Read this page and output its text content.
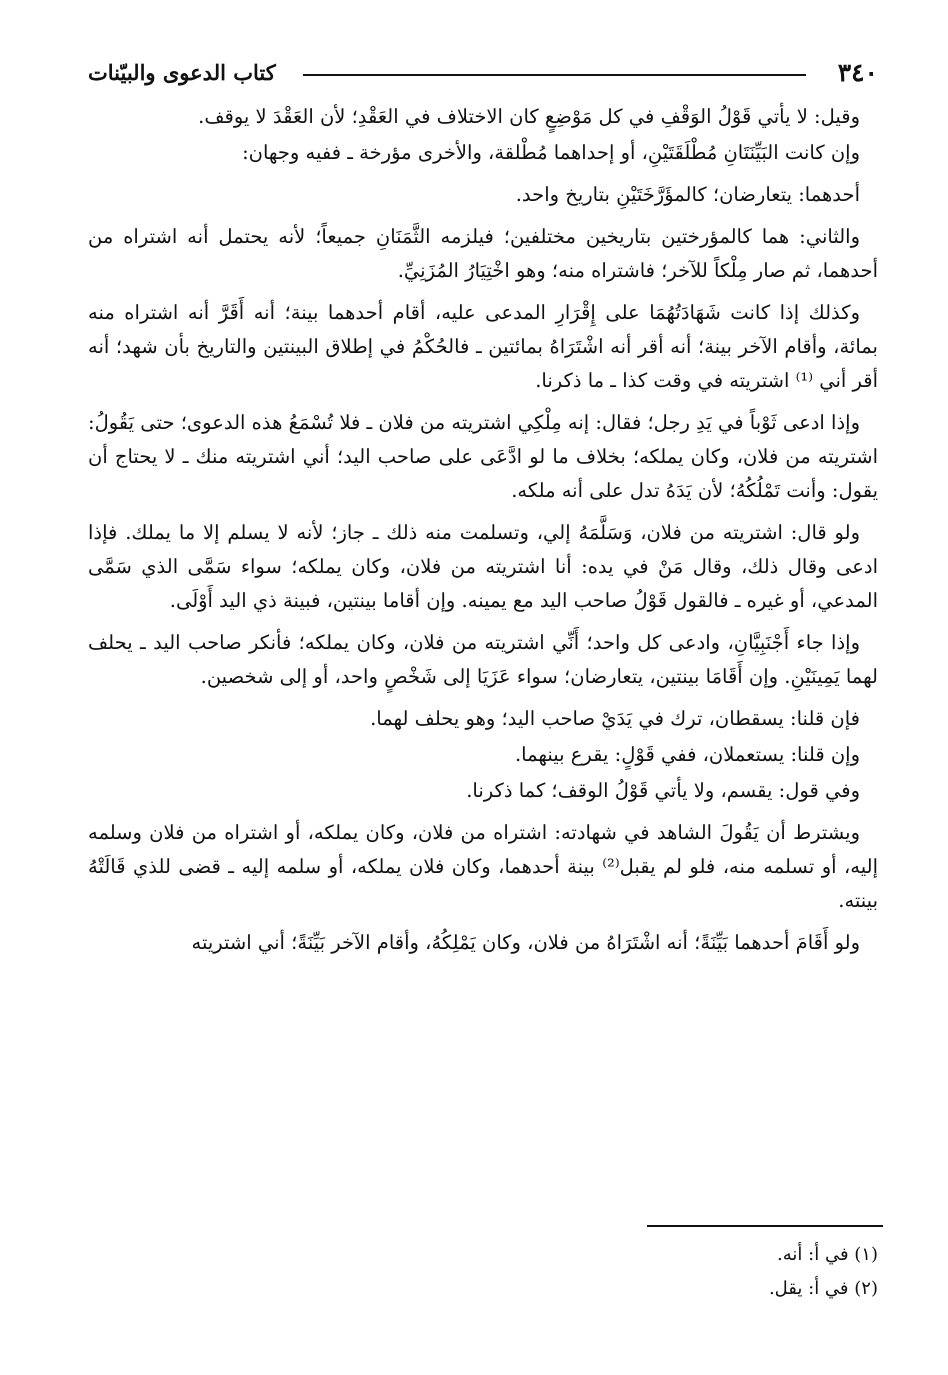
٣٤٠
كتاب الدعوى والبيّنات

وقيل: لا يأتي قَوْلُ الوَقْفِ في كل مَوْضِعٍ كان الاختلاف في العَقْدِ؛ لأن العَقْدَ لا يوقف.

وإن كانت البَيِّنَتَانِ مُطْلَقَتَيْنِ، أو إحداهما مُطْلقة، والأخرى مؤرخة ـ ففيه وجهان:

أحدهما: يتعارضان؛ كالمؤَرَّخَتَيْنِ بتاريخ واحد.

والثاني: هما كالمؤرختين بتاريخين مختلفين؛ فيلزمه الثَّمَنَانِ جميعاً؛ لأنه يحتمل أنه اشتراه من أحدهما، ثم صار مِلْكاً للآخر؛ فاشتراه منه؛ وهو اخْتِيَارُ المُزَنِيِّ.

وكذلك إذا كانت شَهَادَتُهُمَا على إِقْرَارِ المدعى عليه، أقام أحدهما بينة؛ أنه أَقَرَّ أنه اشتراه منه بمائة، وأقام الآخر بينة؛ أنه أقر أنه اشْتَرَاهُ بمائتين ـ فالحُكْمُ في إطلاق البينتين والتاريخ بأن شهد؛ أنه أقر أني ⁽¹⁾ اشتريته في وقت كذا ـ ما ذكرنا.

وإذا ادعى ثَوْباً في يَدِ رجل؛ فقال: إنه مِلْكِي اشتريته من فلان ـ فلا تُسْمَعُ هذه الدعوى؛ حتى يَقُولُ: اشتريته من فلان، وكان يملكه؛ بخلاف ما لو ادَّعَى على صاحب اليد؛ أني اشتريته منك ـ لا يحتاج أن يقول: وأنت تَمْلُكُهُ؛ لأن يَدَهُ تدل على أنه ملكه.

ولو قال: اشتريته من فلان، وَسَلَّمَهُ إلي، وتسلمت منه ذلك ـ جاز؛ لأنه لا يسلم إلا ما يملك. فإذا ادعى وقال ذلك، وقال مَنْ في يده: أنا اشتريته من فلان، وكان يملكه؛ سواء سَمَّى الذي سَمَّى المدعي، أو غيره ـ فالقول قَوْلُ صاحب اليد مع يمينه. وإن أقاما بينتين، فبينة ذي اليد أَوْلَى.

وإذا جاء أَجْنَبِيَّانِ، وادعى كل واحد؛ أَنِّي اشتريته من فلان، وكان يملكه؛ فأنكر صاحب اليد ـ يحلف لهما يَمِينَيْنِ. وإن أَقَامَا بينتين، يتعارضان؛ سواء عَزَيَا إلى شَخْصٍ واحد، أو إلى شخصين.

فإن قلنا: يسقطان، ترك في يَدَيْ صاحب اليد؛ وهو يحلف لهما.

وإن قلنا: يستعملان، ففي قَوْلٍ: يقرع بينهما.

وفي قول: يقسم، ولا يأتي قَوْلُ الوقف؛ كما ذكرنا.

ويشترط أن يَقُولَ الشاهد في شهادته: اشتراه من فلان، وكان يملكه، أو اشتراه من فلان وسلمه إليه، أو تسلمه منه، فلو لم يقبل⁽²⁾ بينة أحدهما، وكان فلان يملكه، أو سلمه إليه ـ قضى للذي قَالَتْهُ بينته.

ولو أَقَامَ أحدهما بَيِّنَةً؛ أنه اشْتَرَاهُ من فلان، وكان يَمْلِكُهُ، وأقام الآخر بَيِّنَةً؛ أني اشتريته

(١) في أ: أنه.
(٢) في أ: يقل.
